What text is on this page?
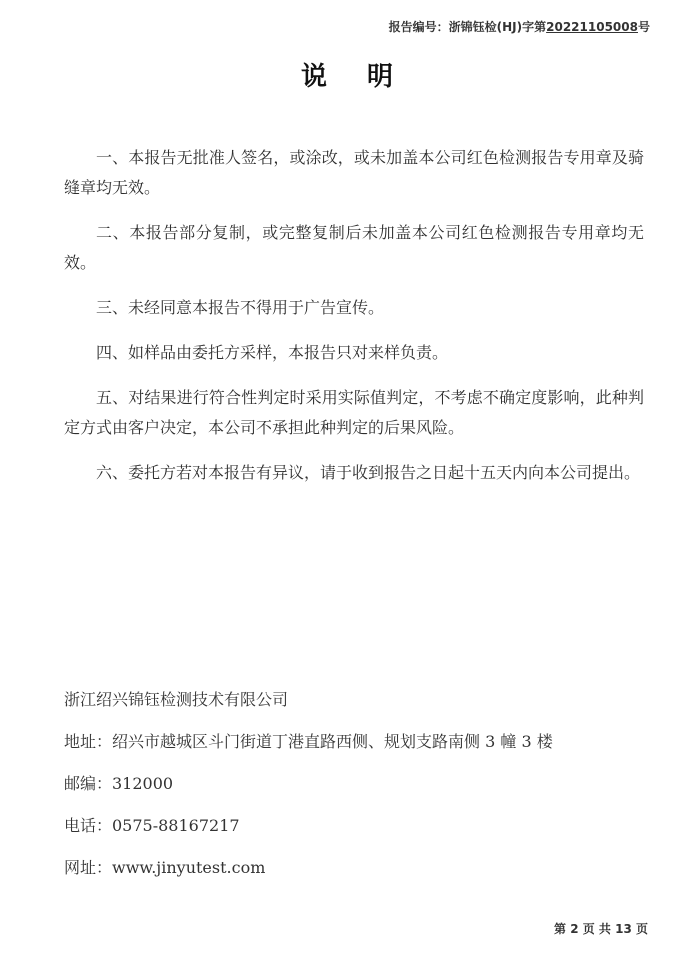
报告编号：浙锦钰检(HJ)字第20221105008号
说明

一、本报告无批准人签名，或涂改，或未加盖本公司红色检测报告专用章及骑缝章均无效。

二、本报告部分复制，或完整复制后未加盖本公司红色检测报告专用章均无效。

三、未经同意本报告不得用于广告宣传。

四、如样品由委托方采样，本报告只对来样负责。

五、对结果进行符合性判定时采用实际值判定，不考虑不确定度影响，此种判定方式由客户决定，本公司不承担此种判定的后果风险。

六、委托方若对本报告有异议，请于收到报告之日起十五天内向本公司提出。

浙江绍兴锦钰检测技术有限公司
地址：绍兴市越城区斗门街道丁港直路西侧、规划支路南侧 3 幢 3 楼
邮编：312000
电话：0575-88167217
网址：www.jinyutest.com
第 2 页 共 13 页
